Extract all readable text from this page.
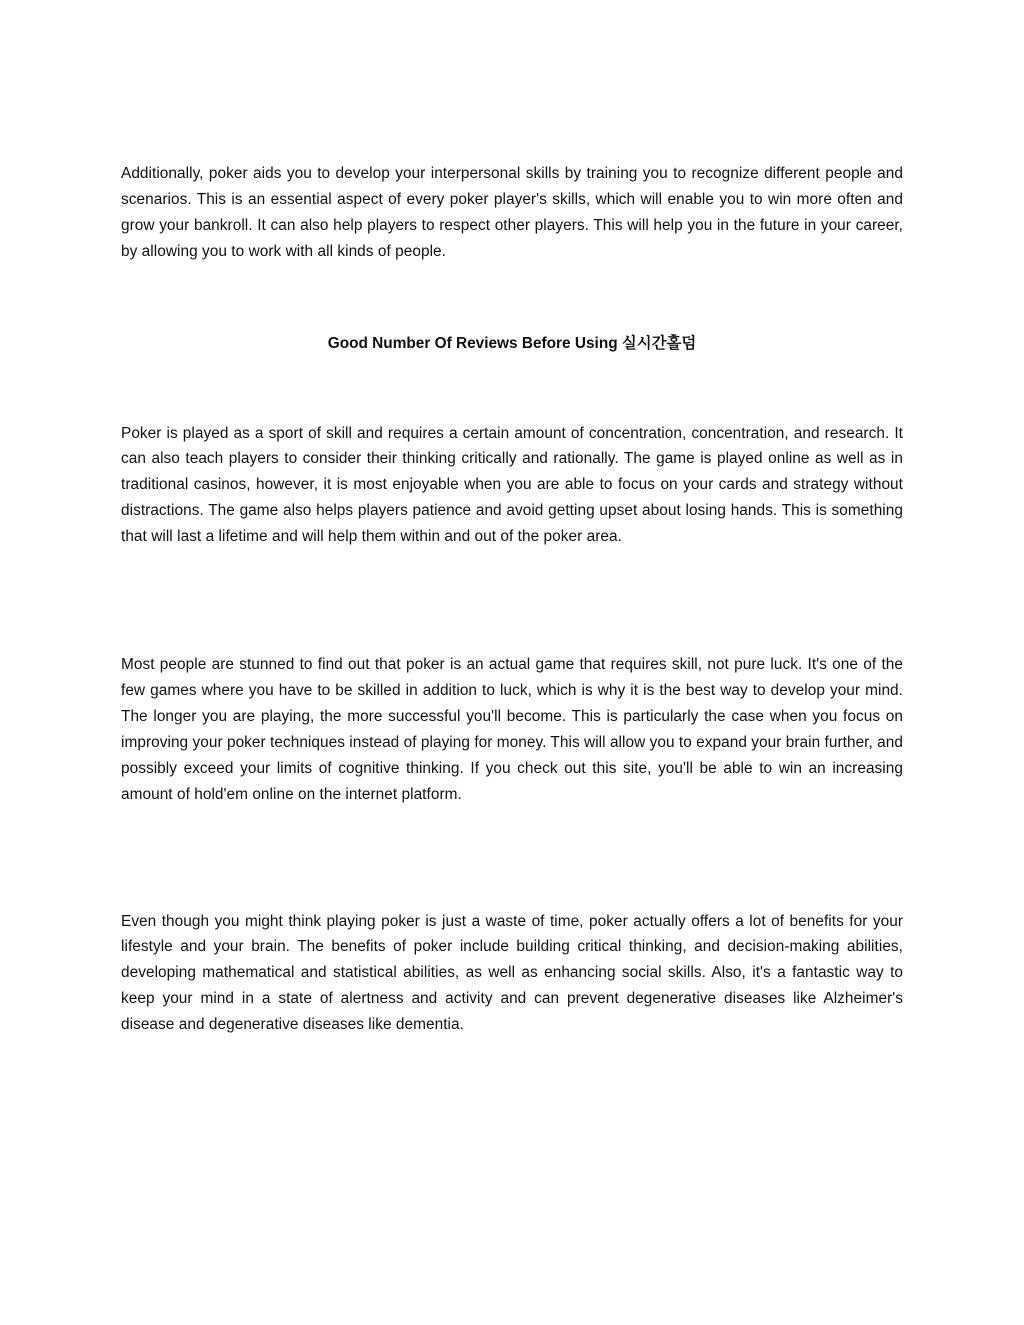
Additionally, poker aids you to develop your interpersonal skills by training you to recognize different people and scenarios. This is an essential aspect of every poker player's skills, which will enable you to win more often and grow your bankroll. It can also help players to respect other players. This will help you in the future in your career, by allowing you to work with all kinds of people.

Good Number Of Reviews Before Using 실시간홀덤

Poker is played as a sport of skill and requires a certain amount of concentration, concentration, and research. It can also teach players to consider their thinking critically and rationally. The game is played online as well as in traditional casinos, however, it is most enjoyable when you are able to focus on your cards and strategy without distractions. The game also helps players patience and avoid getting upset about losing hands. This is something that will last a lifetime and will help them within and out of the poker area.

Most people are stunned to find out that poker is an actual game that requires skill, not pure luck. It's one of the few games where you have to be skilled in addition to luck, which is why it is the best way to develop your mind. The longer you are playing, the more successful you'll become. This is particularly the case when you focus on improving your poker techniques instead of playing for money. This will allow you to expand your brain further, and possibly exceed your limits of cognitive thinking. If you check out this site, you'll be able to win an increasing amount of hold'em online on the internet platform.

Even though you might think playing poker is just a waste of time, poker actually offers a lot of benefits for your lifestyle and your brain. The benefits of poker include building critical thinking, and decision-making abilities, developing mathematical and statistical abilities, as well as enhancing social skills. Also, it's a fantastic way to keep your mind in a state of alertness and activity and can prevent degenerative diseases like Alzheimer's disease and degenerative diseases like dementia.
